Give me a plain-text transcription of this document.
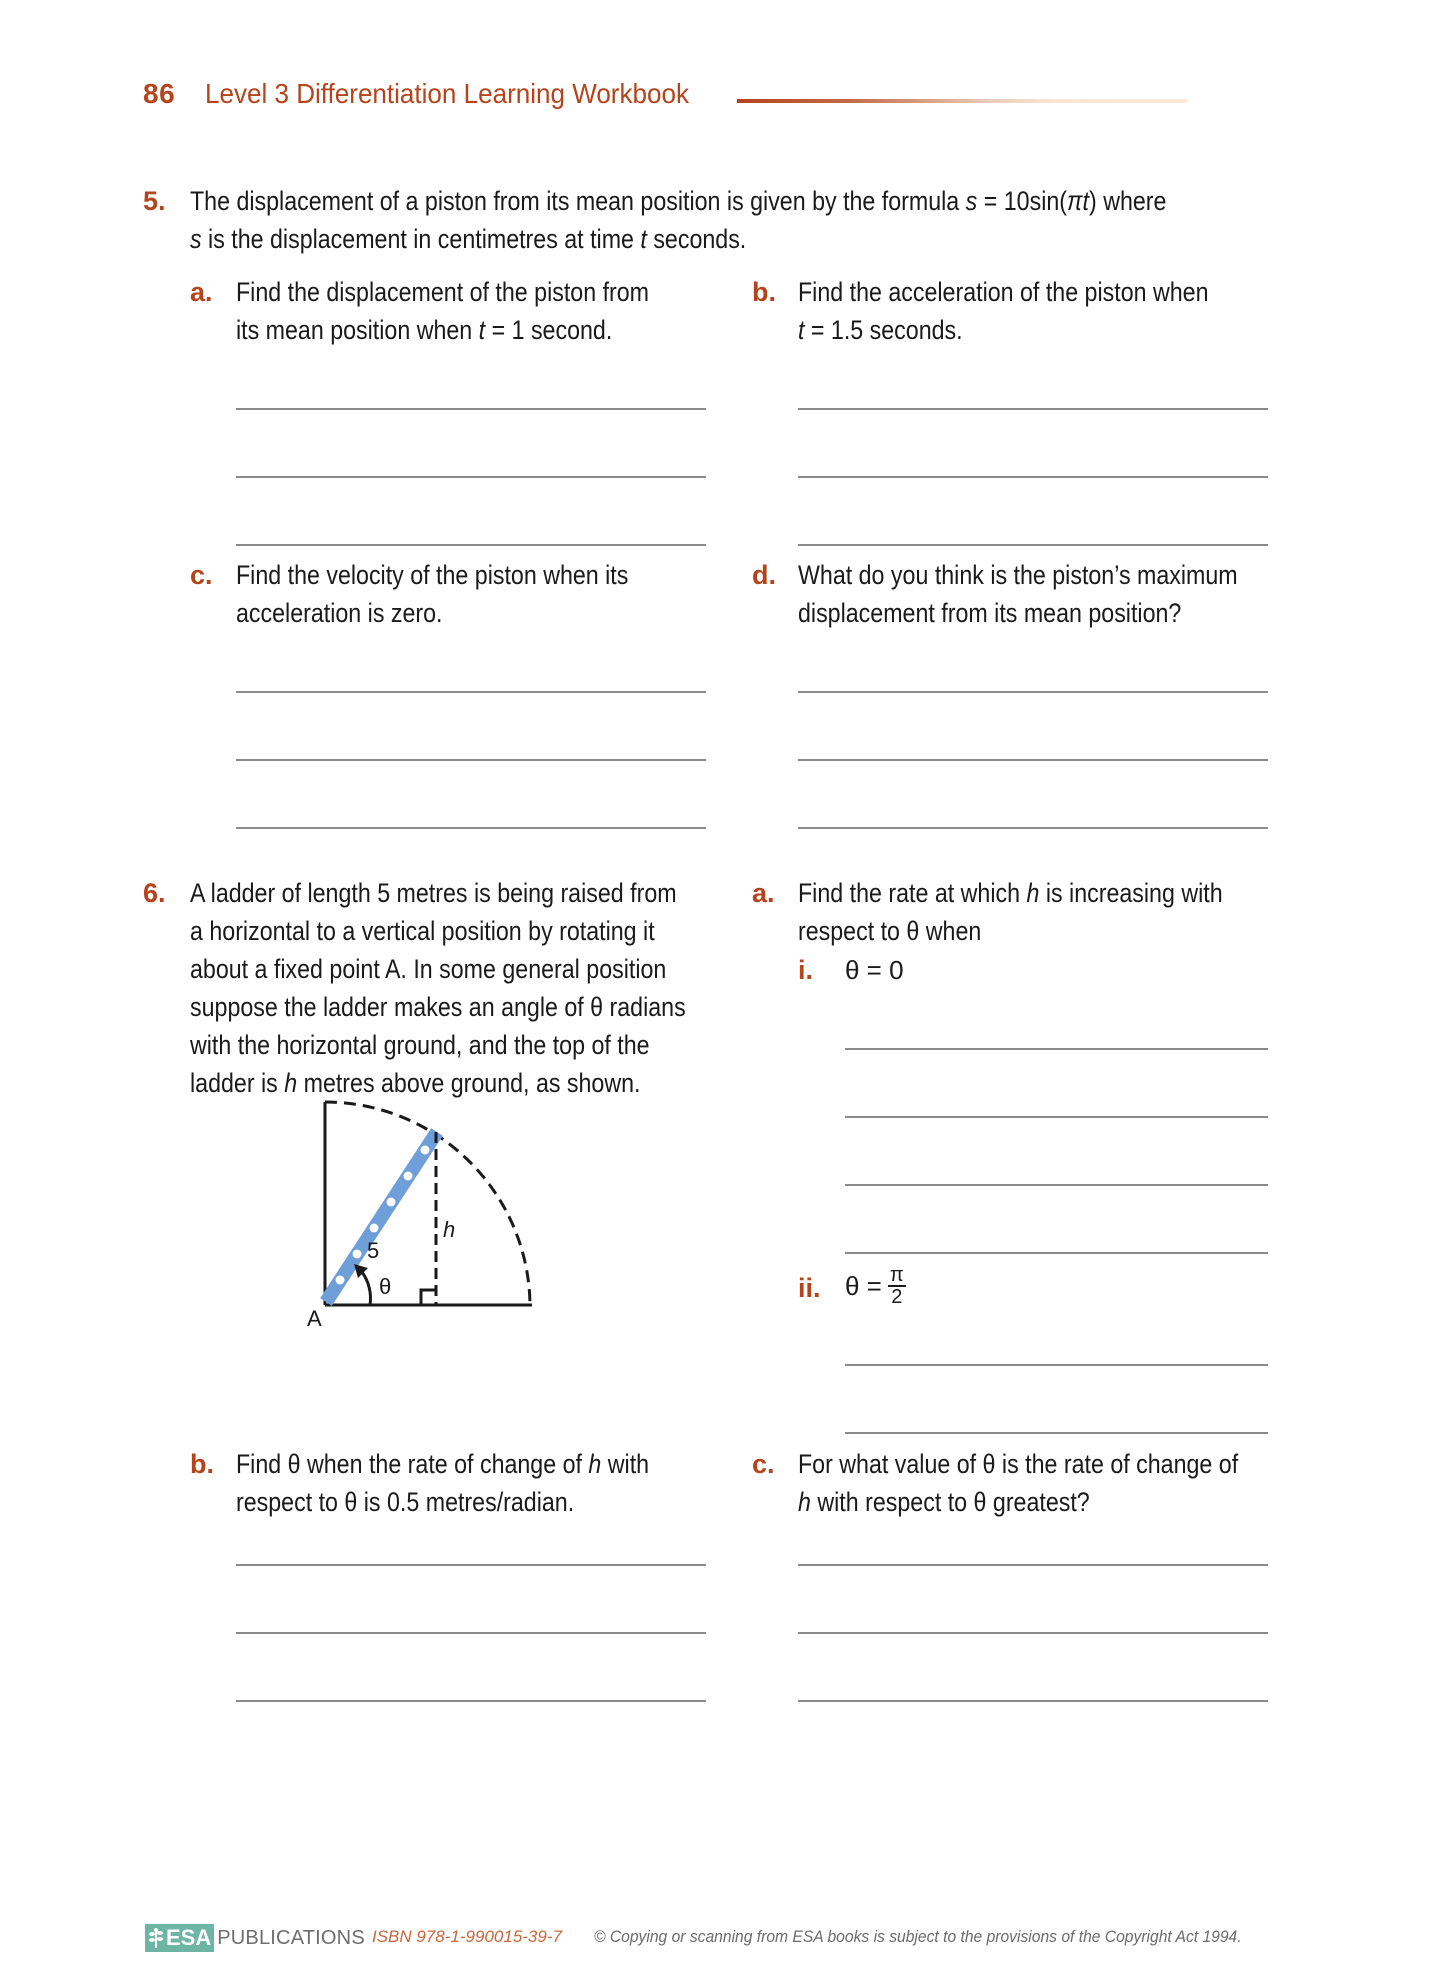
86 Level 3 Differentiation Learning Workbook
5. The displacement of a piston from its mean position is given by the formula s = 10sin(πt) where
s is the displacement in centimetres at time t seconds.
a. Find the displacement of the piston from
its mean position when t = 1 second.
b. Find the acceleration of the piston when
t = 1.5 seconds.
c. Find the velocity of the piston when its
acceleration is zero.
d. What do you think is the piston’s maximum
displacement from its mean position?
6. A ladder of length 5 metres is being raised from
a horizontal to a vertical position by rotating it
about a fixed point A. In some general position
suppose the ladder makes an angle of θ radians
with the horizontal ground, and the top of the
ladder is h metres above ground, as shown.
5
h
θ
A
a. Find the rate at which h is increasing with
respect to θ when
i. θ = 0
ii. $\theta = \frac{\pi}{2}$
b. Find θ when the rate of change of h with
respect to θ is 0.5 metres/radian.
c. For what value of θ is the rate of change of
h with respect to θ greatest?
ESA PUBLICATIONS ISBN 978-1-990015-39-7 © Copying or scanning from ESA books is subject to the provisions of the Copyright Act 1994.
